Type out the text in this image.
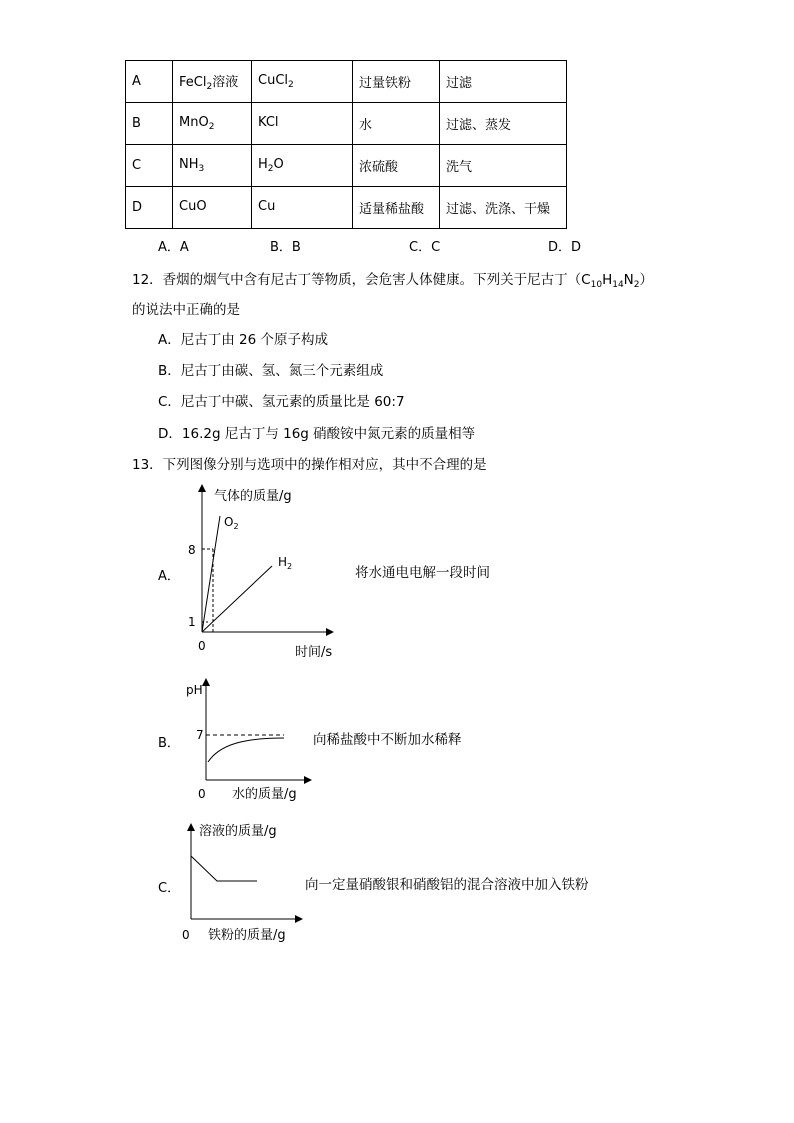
A	FeCl$_2$溶液	CuCl$_2$	过量铁粉	过滤
B	MnO$_2$	KCl	水	过滤、蒸发
C	$NH_3$	$H_2O$	浓硫酸	洗气
D	CuO	Cu	适量稀盐酸	过滤、洗涤、干燥
A．A	B．B	C．C	D．D
12．香烟的烟气中含有尼古丁等物质，会危害人体健康。下列关于尼古丁$(C_{10}H_{14}N_2)$
的说法中正确的是
A．尼古丁由 26 个原子构成
B．尼古丁由碳、氢、氮三个元素组成
C．尼古丁中碳、氢元素的质量比是 60:7
D．16.2g 尼古丁与 16g 硝酸铵中氮元素的质量相等
13．下列图像分别与选项中的操作相对应，其中不合理的是
A．
气体的质量/g
$O_2$
$H_2$
8
1
0	时间/s
将水通电电解一段时间
B．
pH
7
0 水的质量/g
向稀盐酸中不断加水稀释
C．
溶液的质量/g
0 铁粉的质量/g
向一定量硝酸银和硝酸铝的混合溶液中加入铁粉
